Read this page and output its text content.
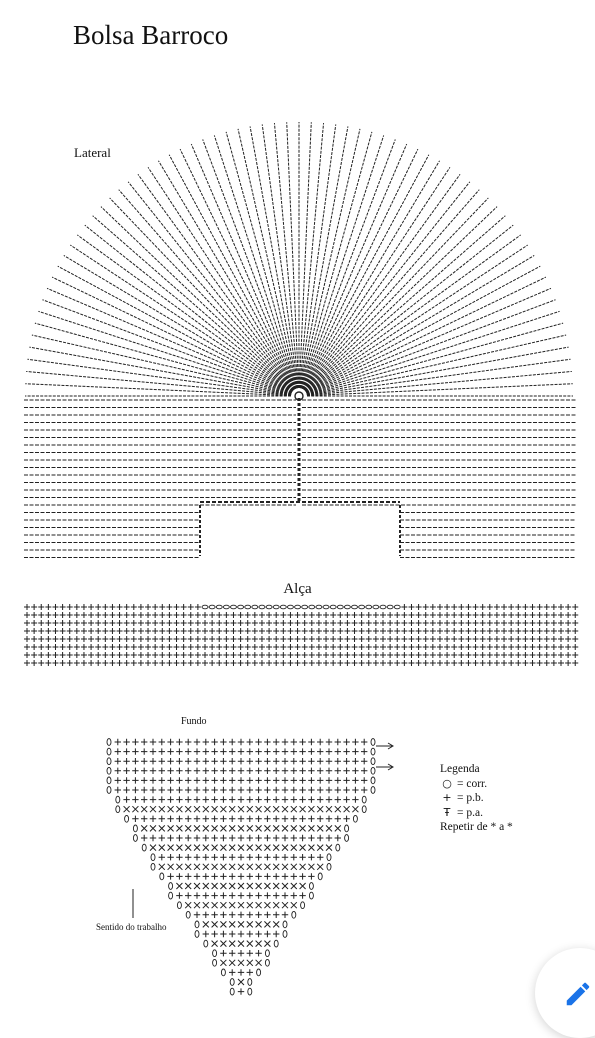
Bolsa Barroco
Lateral
Alça
Fundo
Sentido do trabalho
Legenda
○ = corr.
+ = p.b.
Ŧ = p.a.
Repetir de * a *
